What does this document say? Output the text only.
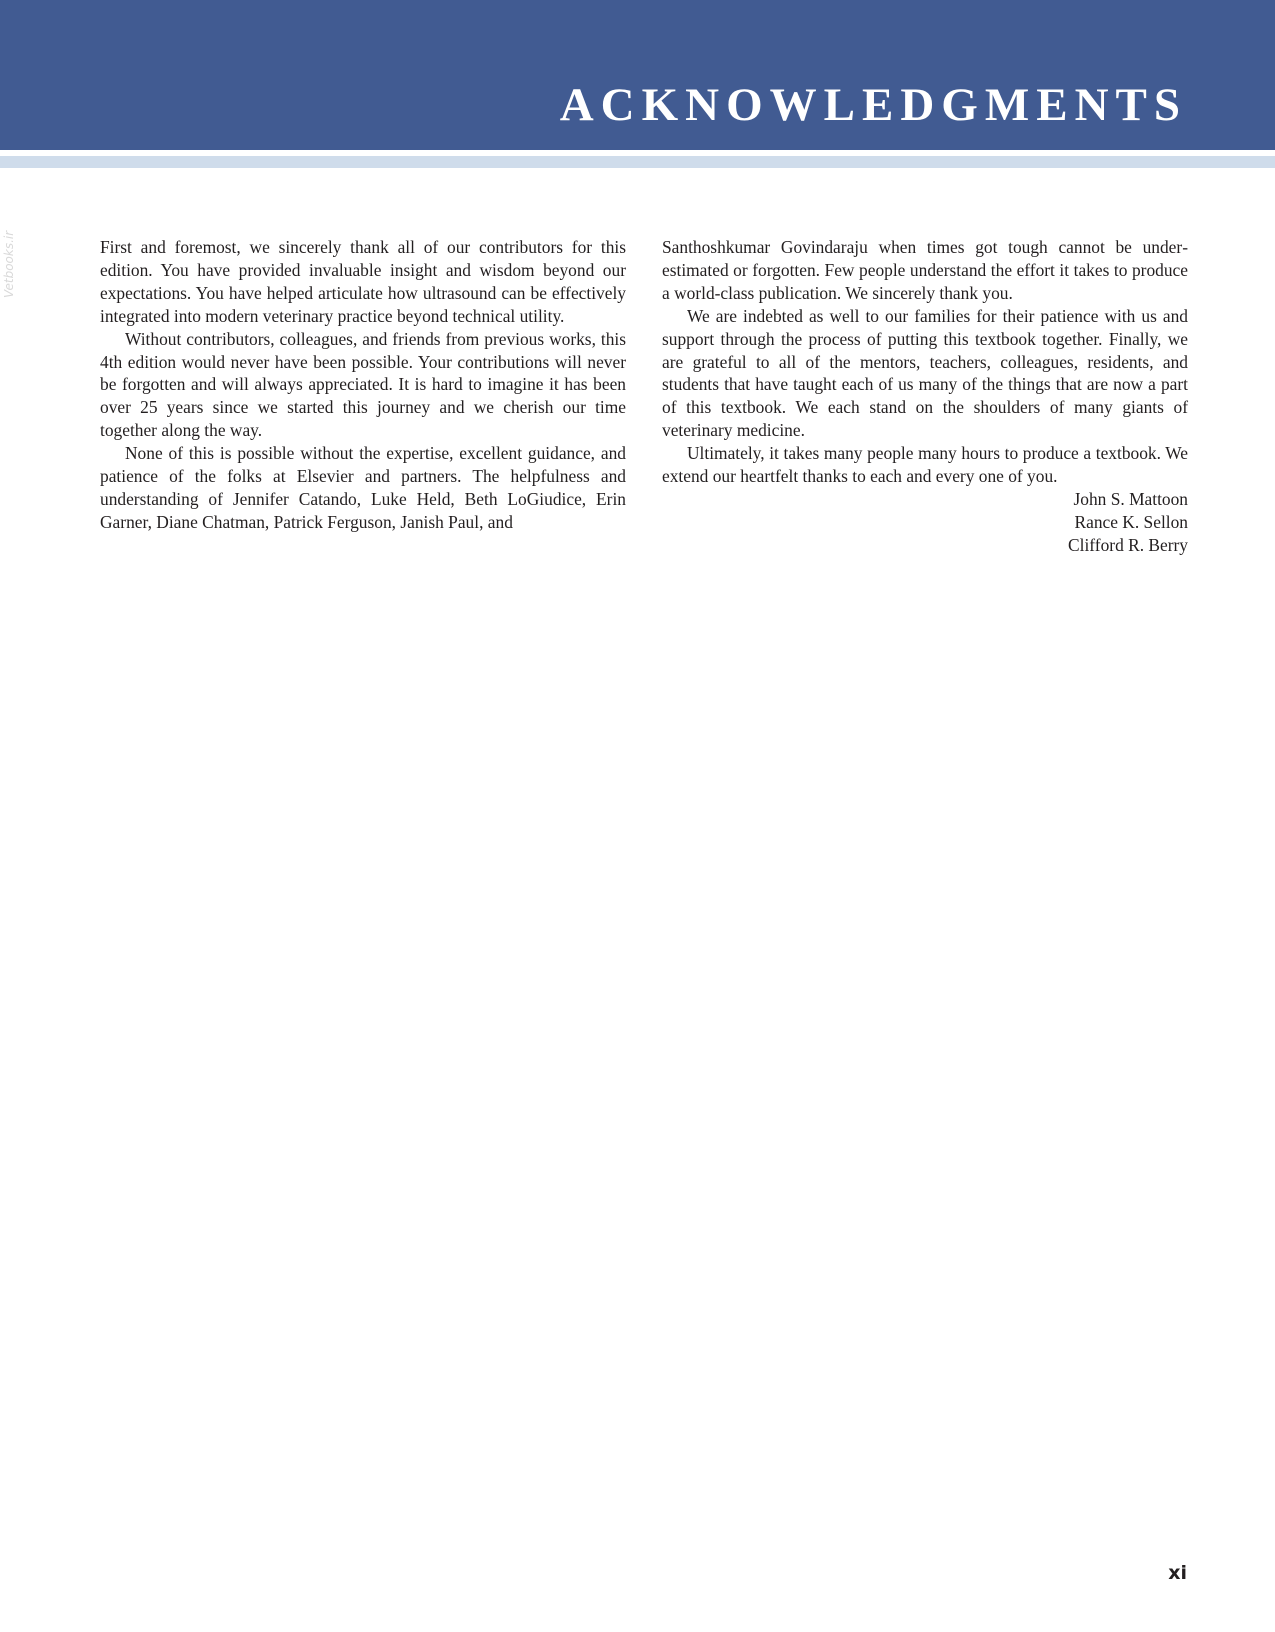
ACKNOWLEDGMENTS
Vetbooks.ir	First and foremost, we sincerely thank all of our contributors for this edition. You have provided invaluable insight and wisdom beyond our expectations. You have helped articulate how ultrasound can be effectively integrated into modern veterinary practice beyond technical utility.

Without contributors, colleagues, and friends from previous works, this 4th edition would never have been possible. Your contributions will never be forgotten and will always appreciated. It is hard to imagine it has been over 25 years since we started this journey and we cherish our time together along the way.

None of this is possible without the expertise, excellent guidance, and patience of the folks at Elsevier and partners. The helpfulness and understanding of Jennifer Catando, Luke Held, Beth LoGiudice, Erin Garner, Diane Chatman, Patrick Ferguson, Janish Paul, and

Santhoshkumar Govindaraju when times got tough cannot be underestimated or forgotten. Few people understand the effort it takes to produce a world-class publication. We sincerely thank you.

We are indebted as well to our families for their patience with us and support through the process of putting this textbook together. Finally, we are grateful to all of the mentors, teachers, colleagues, residents, and students that have taught each of us many of the things that are now a part of this textbook. We each stand on the shoulders of many giants of veterinary medicine.

Ultimately, it takes many people many hours to produce a textbook. We extend our heartfelt thanks to each and every one of you.

John S. Mattoon
Rance K. Sellon
Clifford R. Berry
xi
